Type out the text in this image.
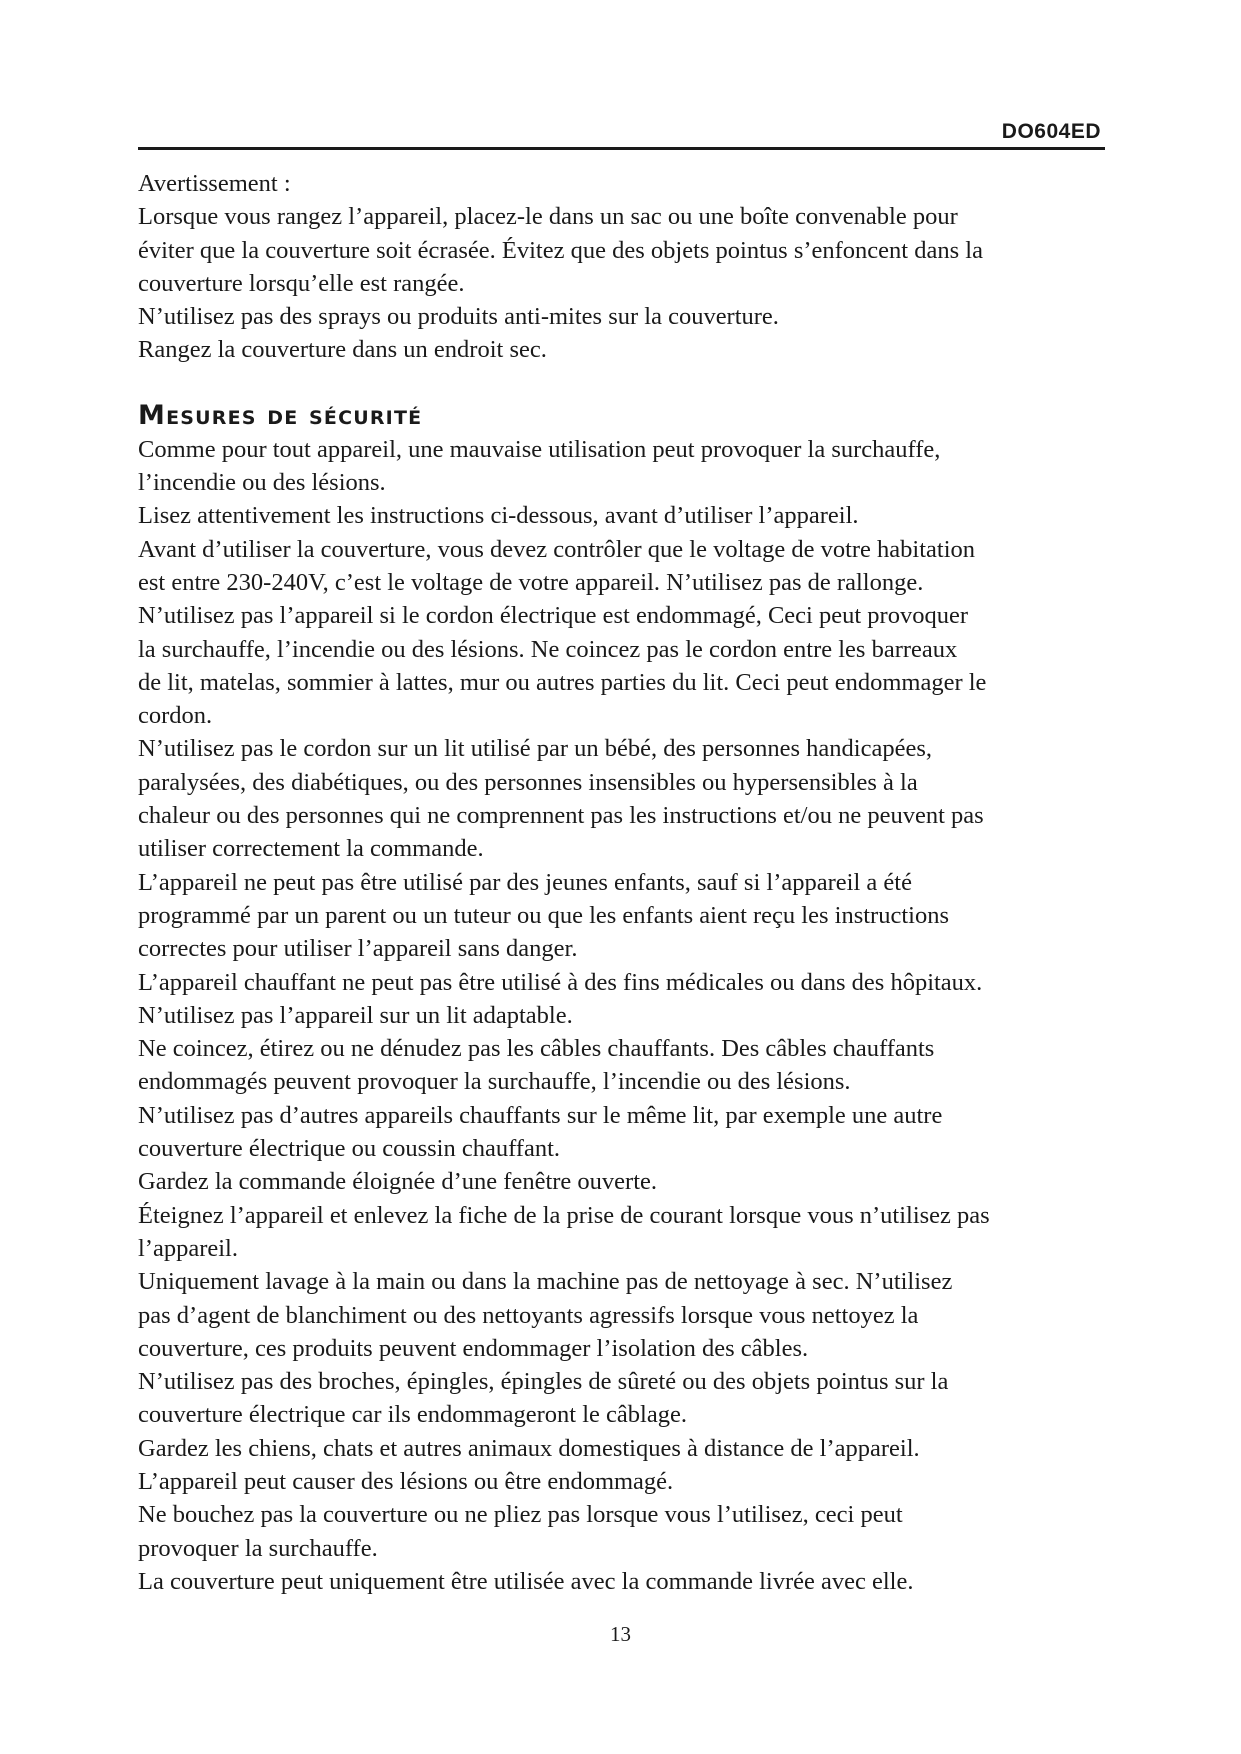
DO604ED

Avertissement :

Lorsque vous rangez l’appareil, placez-le dans un sac ou une boîte convenable pour

éviter que la couverture soit écrasée. Évitez que des objets pointus s’enfoncent dans la

couverture lorsqu’elle est rangée.

N’utilisez pas des sprays ou produits anti-mites sur la couverture.

Rangez la couverture dans un endroit sec.

Mesures de sécurité

Comme pour tout appareil, une mauvaise utilisation peut provoquer la surchauffe,

l’incendie ou des lésions.

Lisez attentivement les instructions ci-dessous, avant d’utiliser l’appareil.

Avant d’utiliser la couverture, vous devez contrôler que le voltage de votre habitation

est entre 230-240V, c’est le voltage de votre appareil. N’utilisez pas de rallonge.

N’utilisez pas l’appareil si le cordon électrique est endommagé, Ceci peut provoquer

la surchauffe, l’incendie ou des lésions. Ne coincez pas le cordon entre les barreaux

de lit, matelas, sommier à lattes, mur ou autres parties du lit. Ceci peut endommager le

cordon.

N’utilisez pas le cordon sur un lit utilisé par un bébé, des personnes handicapées,

paralysées, des diabétiques, ou des personnes insensibles ou hypersensibles à la

chaleur ou des personnes qui ne comprennent pas les instructions et/ou ne peuvent pas

utiliser correctement la commande.

L’appareil ne peut pas être utilisé par des jeunes enfants, sauf si l’appareil a été

programmé par un parent ou un tuteur ou que les enfants aient reçu les instructions

correctes pour utiliser l’appareil sans danger.

L’appareil chauffant ne peut pas être utilisé à des fins médicales ou dans des hôpitaux.

N’utilisez pas l’appareil sur un lit adaptable.

Ne coincez, étirez ou ne dénudez pas les câbles chauffants. Des câbles chauffants

endommagés peuvent provoquer la surchauffe, l’incendie ou des lésions.

N’utilisez pas d’autres appareils chauffants sur le même lit, par exemple une autre

couverture électrique ou coussin chauffant.

Gardez la commande éloignée d’une fenêtre ouverte.

Éteignez l’appareil et enlevez la fiche de la prise de courant lorsque vous n’utilisez pas

l’appareil.

Uniquement lavage à la main ou dans la machine pas de nettoyage à sec. N’utilisez

pas d’agent de blanchiment ou des nettoyants agressifs lorsque vous nettoyez la

couverture, ces produits peuvent endommager l’isolation des câbles.

N’utilisez pas des broches, épingles, épingles de sûreté ou des objets pointus sur la

couverture électrique car ils endommageront le câblage.

Gardez les chiens, chats et autres animaux domestiques à distance de l’appareil.

L’appareil peut causer des lésions ou être endommagé.

Ne bouchez pas la couverture ou ne pliez pas lorsque vous l’utilisez, ceci peut

provoquer la surchauffe.

La couverture peut uniquement être utilisée avec la commande livrée avec elle.

13
